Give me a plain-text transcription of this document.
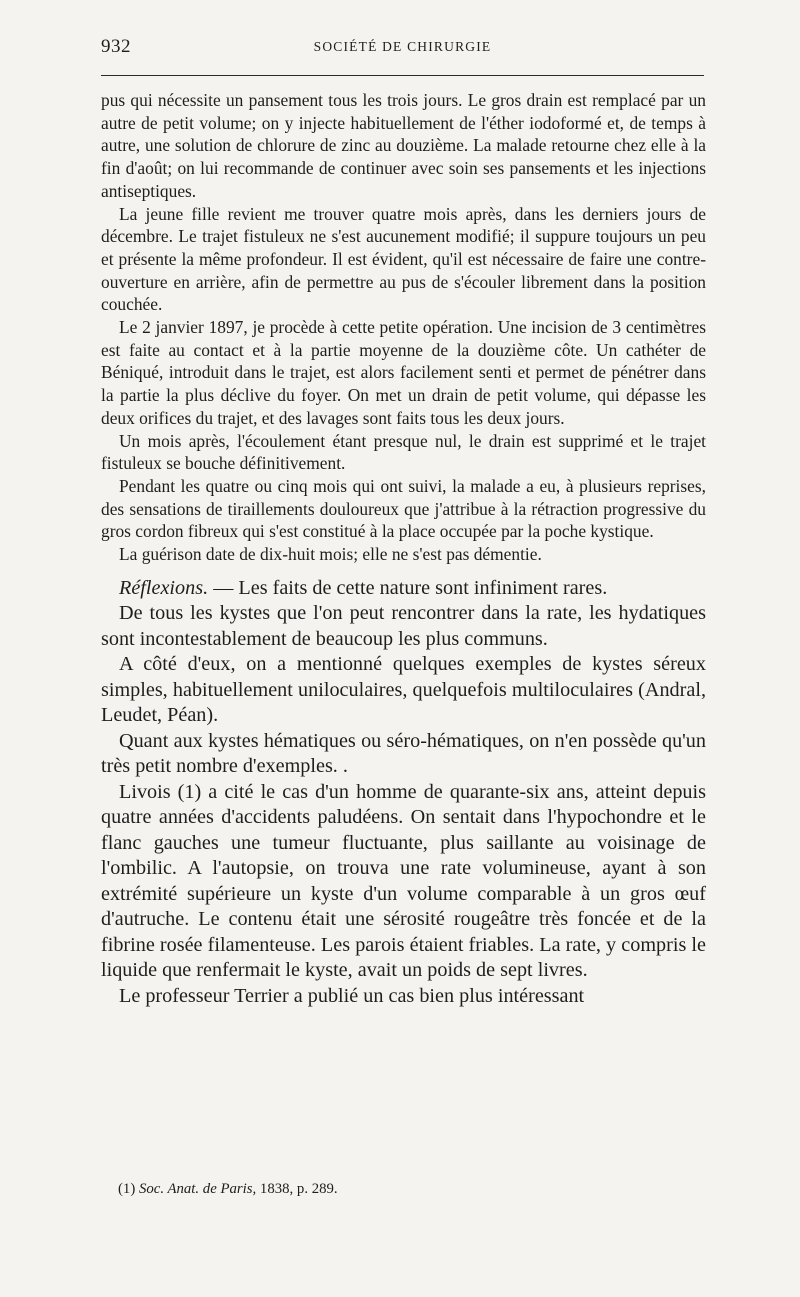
932	SOCIÉTÉ DE CHIRURGIE

pus qui nécessite un pansement tous les trois jours. Le gros drain est remplacé par un autre de petit volume; on y injecte habituellement de l'éther iodoformé et, de temps à autre, une solution de chlorure de zinc au douzième. La malade retourne chez elle à la fin d'août; on lui recommande de continuer avec soin ses pansements et les injections antiseptiques.

La jeune fille revient me trouver quatre mois après, dans les derniers jours de décembre. Le trajet fistuleux ne s'est aucunement modifié; il suppure toujours un peu et présente la même profondeur. Il est évident, qu'il est nécessaire de faire une contre-ouverture en arrière, afin de permettre au pus de s'écouler librement dans la position couchée.

Le 2 janvier 1897, je procède à cette petite opération. Une incision de 3 centimètres est faite au contact et à la partie moyenne de la douzième côte. Un cathéter de Béniqué, introduit dans le trajet, est alors facilement senti et permet de pénétrer dans la partie la plus déclive du foyer. On met un drain de petit volume, qui dépasse les deux orifices du trajet, et des lavages sont faits tous les deux jours.

Un mois après, l'écoulement étant presque nul, le drain est supprimé et le trajet fistuleux se bouche définitivement.

Pendant les quatre ou cinq mois qui ont suivi, la malade a eu, à plusieurs reprises, des sensations de tiraillements douloureux que j'attribue à la rétraction progressive du gros cordon fibreux qui s'est constitué à la place occupée par la poche kystique.

La guérison date de dix-huit mois; elle ne s'est pas démentie.

Réflexions. — Les faits de cette nature sont infiniment rares.

De tous les kystes que l'on peut rencontrer dans la rate, les hydatiques sont incontestablement de beaucoup les plus communs.

A côté d'eux, on a mentionné quelques exemples de kystes séreux simples, habituellement uniloculaires, quelquefois multiloculaires (Andral, Leudet, Péan).

Quant aux kystes hématiques ou séro-hématiques, on n'en possède qu'un très petit nombre d'exemples. .

Livois (1) a cité le cas d'un homme de quarante-six ans, atteint depuis quatre années d'accidents paludéens. On sentait dans l'hypochondre et le flanc gauches une tumeur fluctuante, plus saillante au voisinage de l'ombilic. A l'autopsie, on trouva une rate volumineuse, ayant à son extrémité supérieure un kyste d'un volume comparable à un gros œuf d'autruche. Le contenu était une sérosité rougeâtre très foncée et de la fibrine rosée filamenteuse. Les parois étaient friables. La rate, y compris le liquide que renfermait le kyste, avait un poids de sept livres.

Le professeur Terrier a publié un cas bien plus intéressant

(1) Soc. Anat. de Paris, 1838, p. 289.
